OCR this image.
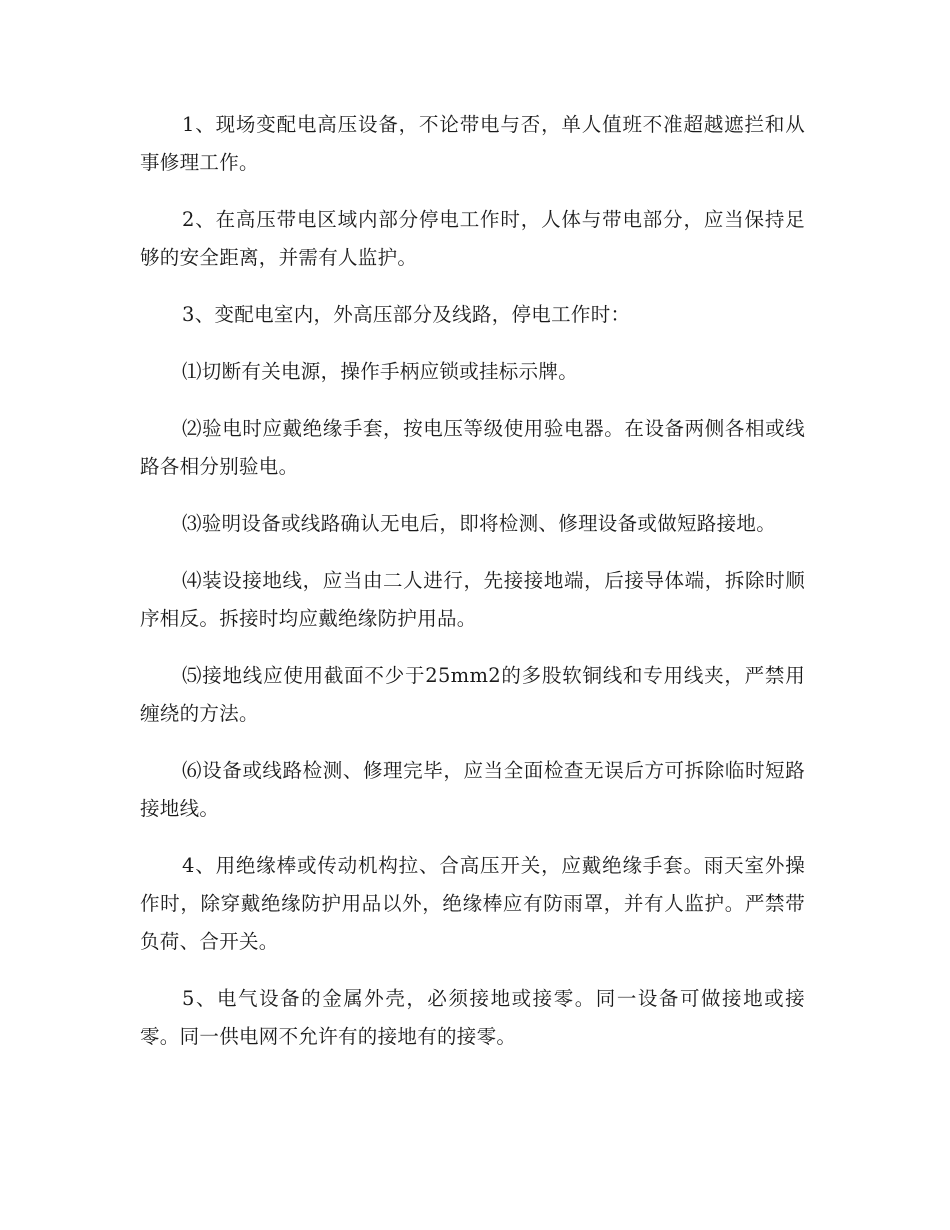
1、现场变配电高压设备，不论带电与否，单人值班不准超越遮拦和从事修理工作。

2、在高压带电区域内部分停电工作时，人体与带电部分，应当保持足够的安全距离，并需有人监护。

3、变配电室内，外高压部分及线路，停电工作时：

⑴切断有关电源，操作手柄应锁或挂标示牌。

⑵验电时应戴绝缘手套，按电压等级使用验电器。在设备两侧各相或线路各相分别验电。

⑶验明设备或线路确认无电后，即将检测、修理设备或做短路接地。

⑷装设接地线，应当由二人进行，先接接地端，后接导体端，拆除时顺序相反。拆接时均应戴绝缘防护用品。

⑸接地线应使用截面不少于25mm2的多股软铜线和专用线夹，严禁用缠绕的方法。

⑹设备或线路检测、修理完毕，应当全面检查无误后方可拆除临时短路接地线。

4、用绝缘棒或传动机构拉、合高压开关，应戴绝缘手套。雨天室外操作时，除穿戴绝缘防护用品以外，绝缘棒应有防雨罩，并有人监护。严禁带负荷、合开关。

5、电气设备的金属外壳，必须接地或接零。同一设备可做接地或接零。同一供电网不允许有的接地有的接零。
